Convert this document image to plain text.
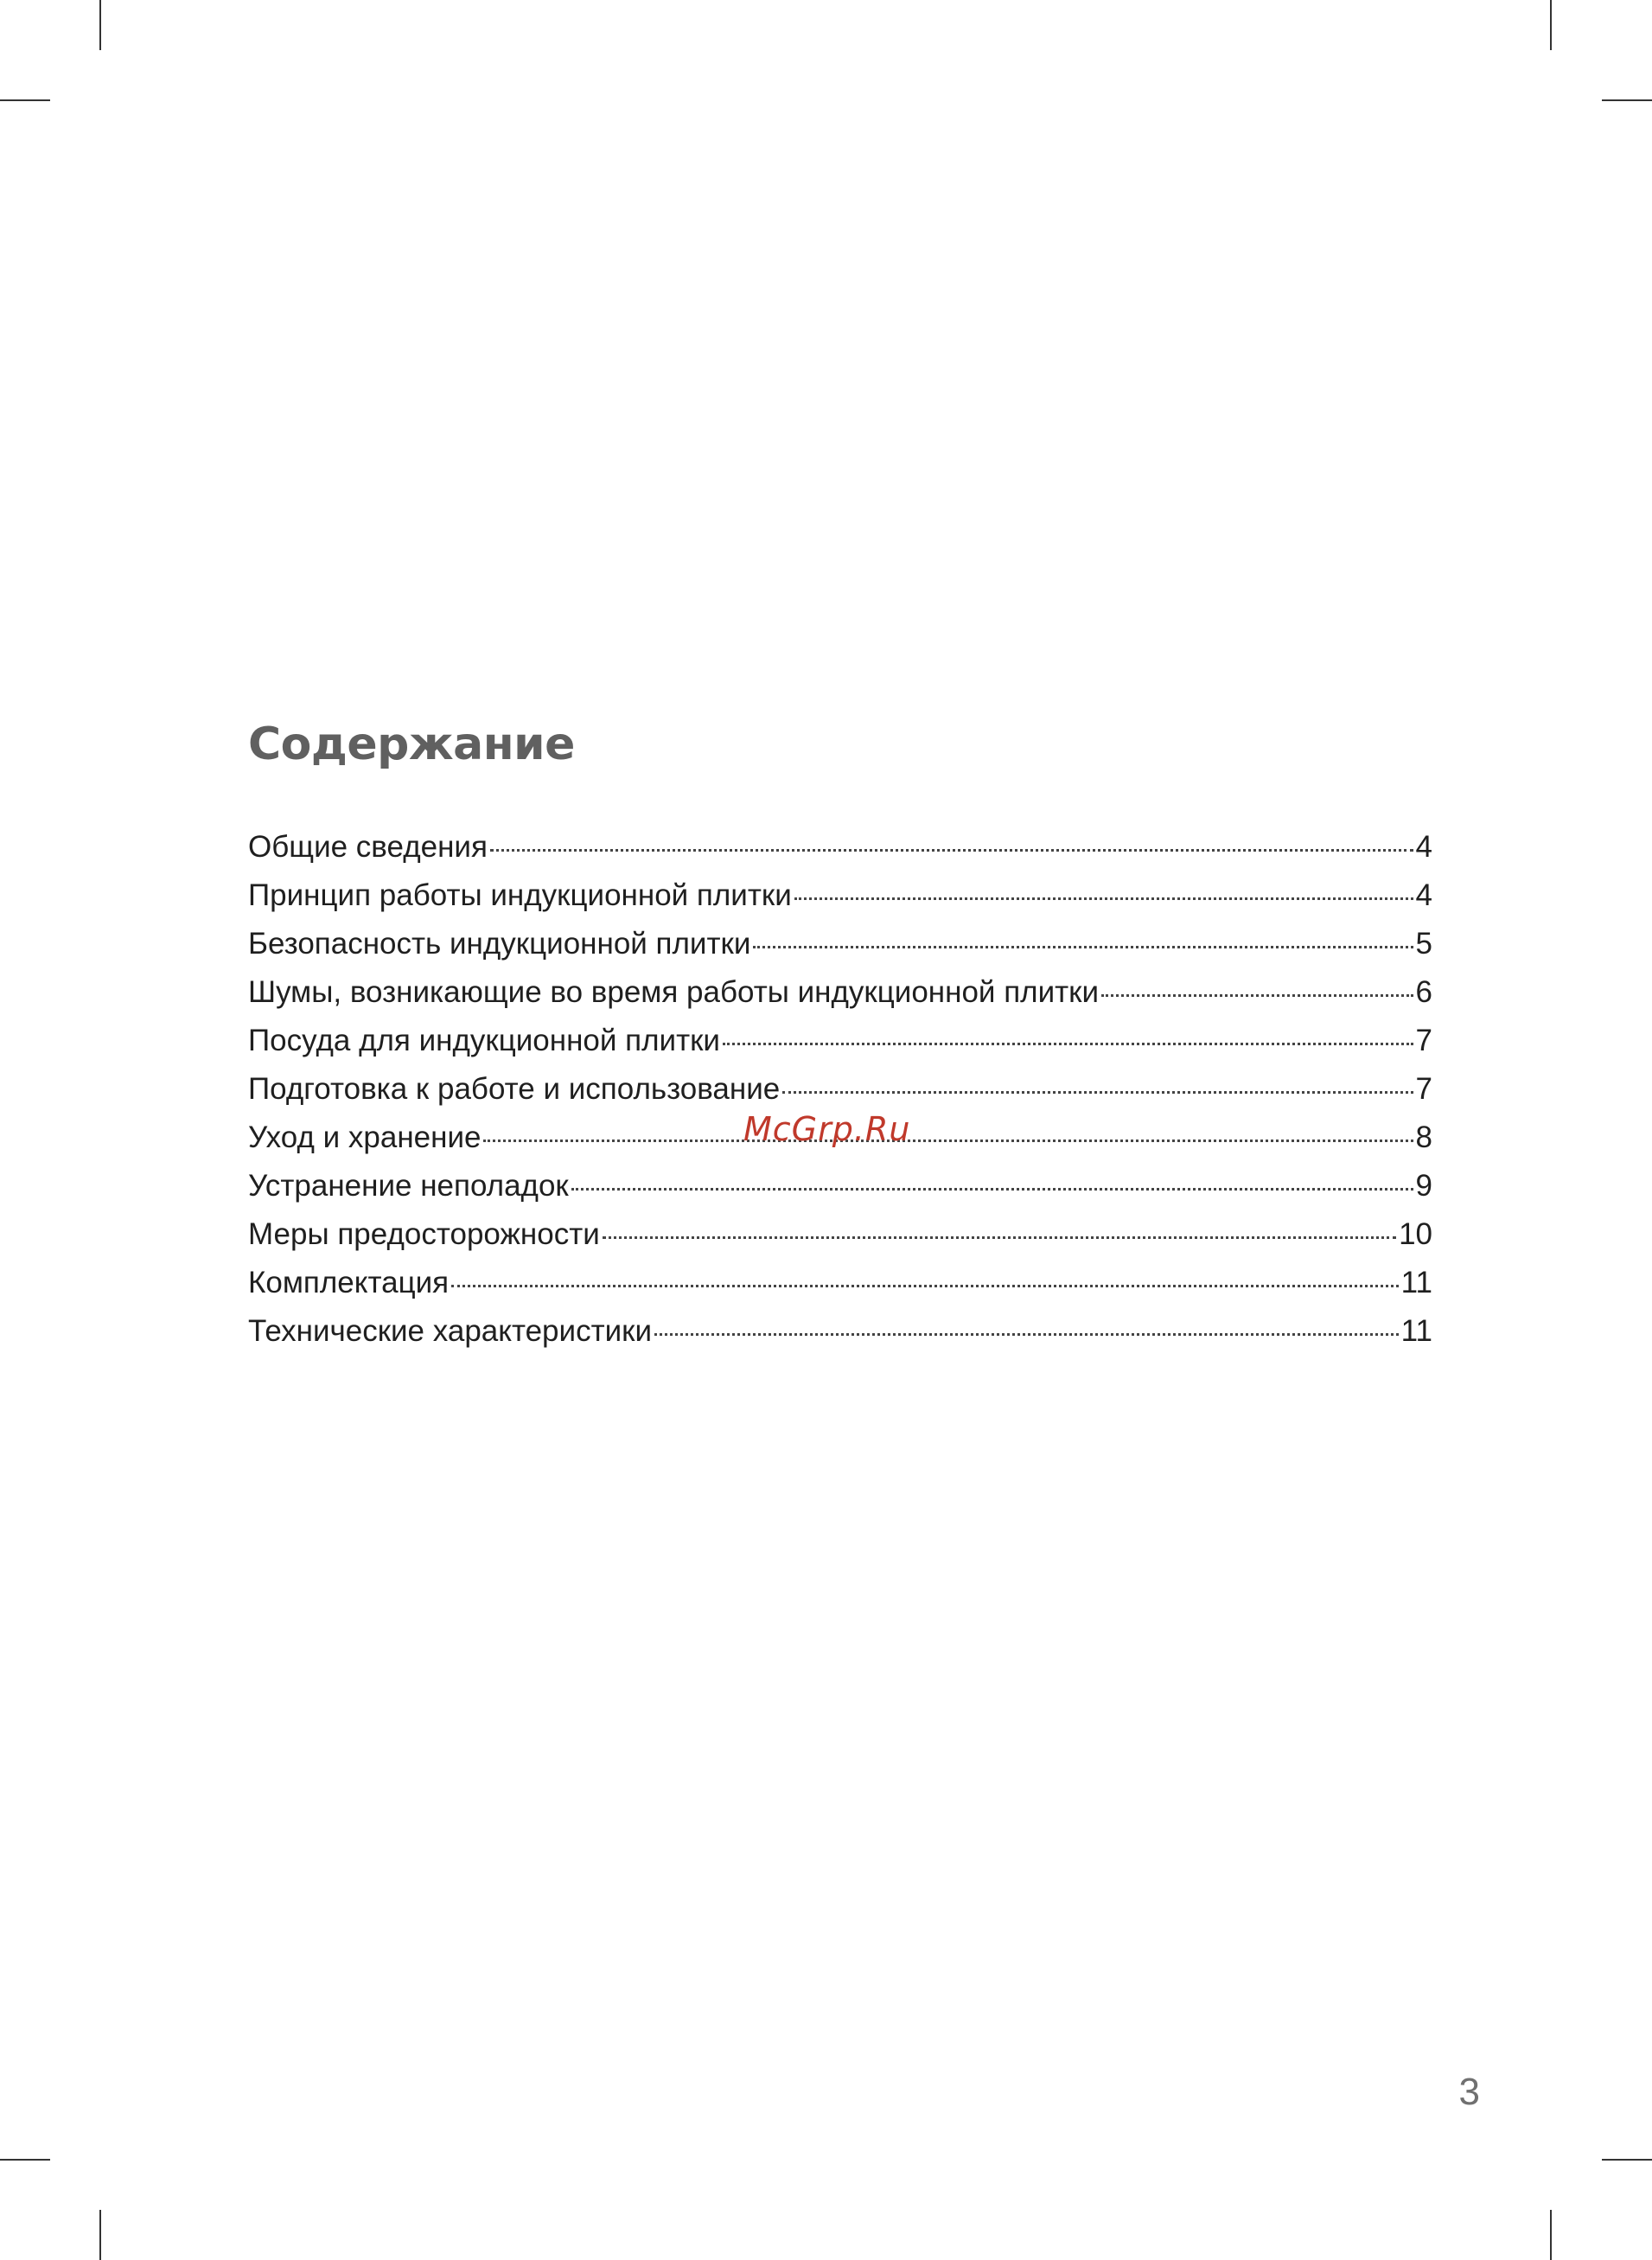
Содержание
Общие сведения	4
Принцип работы индукционной плитки	4
Безопасность индукционной плитки	5
Шумы, возникающие во время работы индукционной плитки	6
Посуда для индукционной плитки	7
Подготовка к работе и использование	7
Уход и хранение	8
Устранение неполадок	9
Меры предосторожности	10
Комплектация	11
Технические характеристики	11
McGrp.Ru
3
